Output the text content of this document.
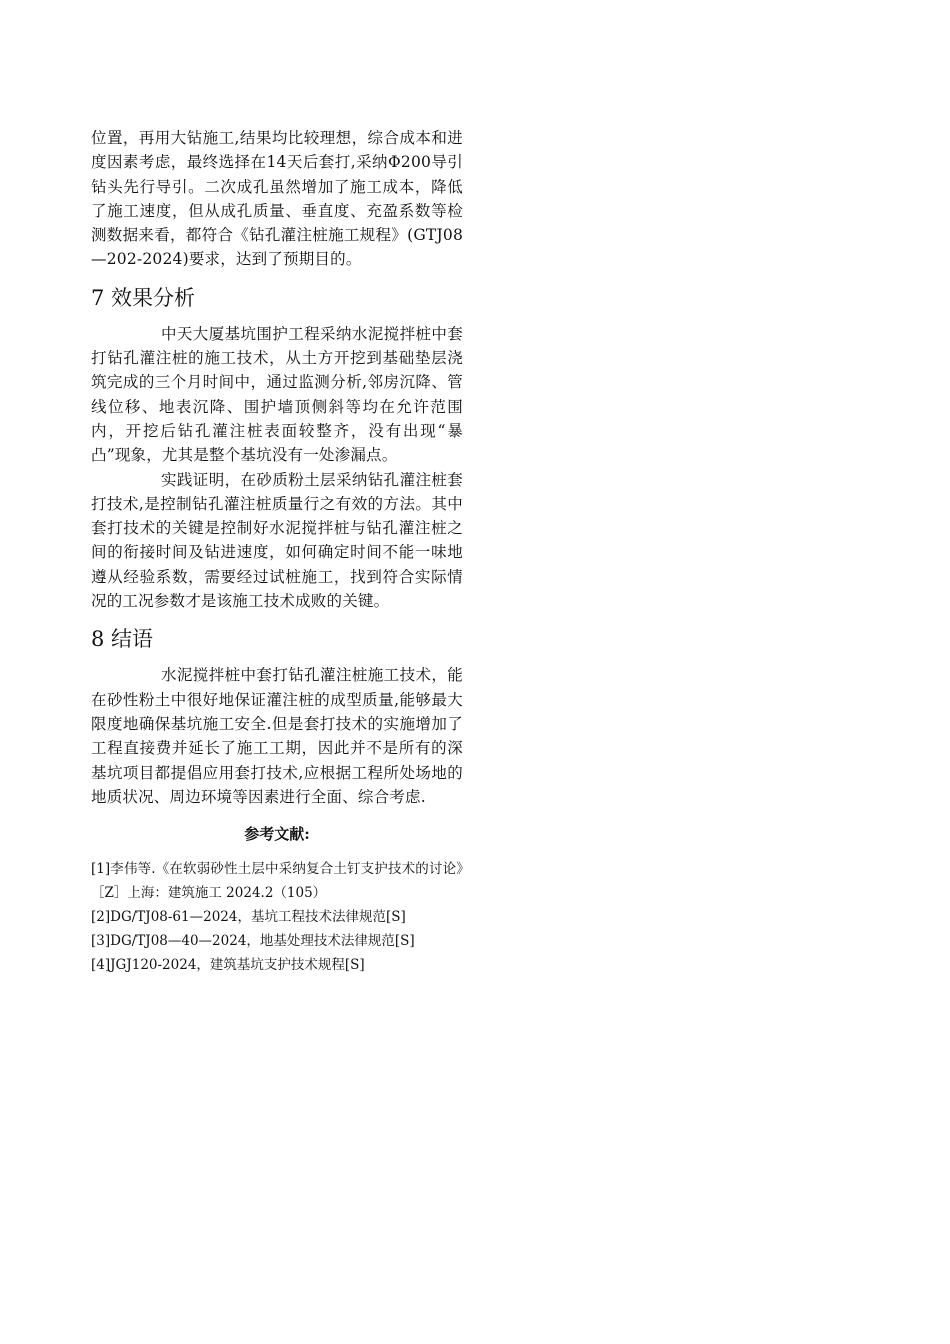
位置，再用大钻施工,结果均比较理想，综合成本和进度因素考虑，最终选择在14天后套打,采纳Φ200导引钻头先行导引。二次成孔虽然增加了施工成本，降低了施工速度，但从成孔质量、垂直度、充盈系数等检测数据来看，都符合《钻孔灌注桩施工规程》(GTJ08—202-2024)要求，达到了预期目的。

7 效果分析

中天大厦基坑围护工程采纳水泥搅拌桩中套打钻孔灌注桩的施工技术，从土方开挖到基础垫层浇筑完成的三个月时间中，通过监测分析,邻房沉降、管线位移、地表沉降、围护墙顶侧斜等均在允许范围内，开挖后钻孔灌注桩表面较整齐，没有出现“暴凸”现象，尤其是整个基坑没有一处渗漏点。

实践证明，在砂质粉土层采纳钻孔灌注桩套打技术,是控制钻孔灌注桩质量行之有效的方法。其中套打技术的关键是控制好水泥搅拌桩与钻孔灌注桩之间的衔接时间及钻进速度，如何确定时间不能一味地遵从经验系数，需要经过试桩施工，找到符合实际情况的工况参数才是该施工技术成败的关键。

8 结语

水泥搅拌桩中套打钻孔灌注桩施工技术，能在砂性粉土中很好地保证灌注桩的成型质量,能够最大限度地确保基坑施工安全.但是套打技术的实施增加了工程直接费并延长了施工工期，因此并不是所有的深基坑项目都提倡应用套打技术,应根据工程所处场地的地质状况、周边环境等因素进行全面、综合考虑.

参考文献:

[1]李伟等.《在软弱砂性土层中采纳复合土钉支护技术的讨论》［Z］上海：建筑施工 2024.2（105）

[2]DG/TJ08-61—2024，基坑工程技术法律规范[S]

[3]DG/TJ08—40—2024，地基处理技术法律规范[S]

[4]JGJ120-2024，建筑基坑支护技术规程[S]
